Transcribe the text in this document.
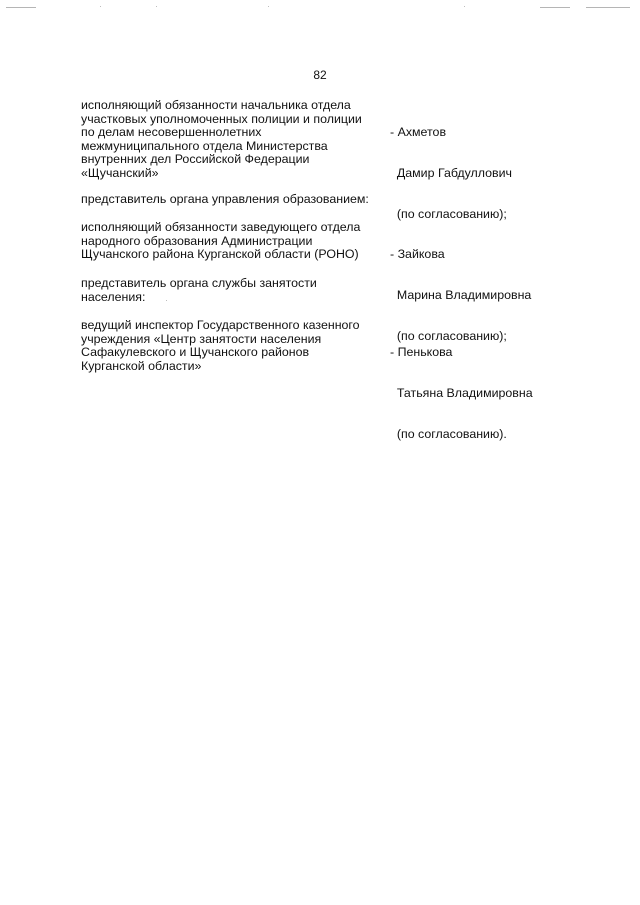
82
исполняющий обязанности начальника отдела
участковых уполномоченных полиции и полиции
по делам несовершеннолетних
межмуниципального отдела Министерства
внутренних дел Российской Федерации
«Щучанский»

- Ахметов

Дамир Габдуллович

(по согласованию);

представитель органа управления образованием:
исполняющий обязанности заведующего отдела
народного образования Администрации
Щучанского района Курганской области (РОНО)

	- Зайкова

Марина Владимировна

(по согласованию);

представитель органа службы занятости
населения:
ведущий инспектор Государственного казенного
учреждения «Центр занятости населения
Сафакулевского и Щучанского районов
Курганской области»

- Пенькова

Татьяна Владимировна

(по согласованию).
